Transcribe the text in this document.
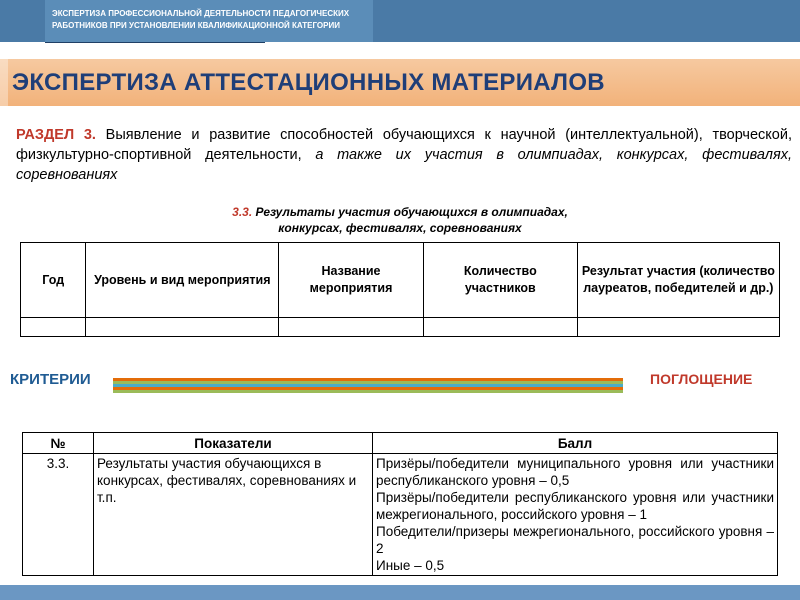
ЭКСПЕРТИЗА ПРОФЕССИОНАЛЬНОЙ ДЕЯТЕЛЬНОСТИ ПЕДАГОГИЧЕСКИХ
РАБОТНИКОВ ПРИ УСТАНОВЛЕНИИ КВАЛИФИКАЦИОННОЙ КАТЕГОРИИ
ЭКСПЕРТИЗА АТТЕСТАЦИОННЫХ МАТЕРИАЛОВ
РАЗДЕЛ 3. Выявление и развитие способностей обучающихся к научной (интеллектуальной), творческой, физкультурно-спортивной деятельности, а также их участия в олимпиадах, конкурсах, фестивалях, соревнованиях
3.3. Результаты участия обучающихся в олимпиадах,
конкурсах, фестивалях, соревнованиях
Год	Уровень и вид мероприятия	Название мероприятия	Количество участников	Результат участия (количество лауреатов, победителей и др.)

КРИТЕРИИ	ПОГЛОЩЕНИЕ
№	Показатели	Балл
3.3.	Результаты участия обучающихся в конкурсах, фестивалях, соревнованиях и т.п.	Призёры/победители муниципального уровня или участники республиканского уровня – 0,5
Призёры/победители республиканского уровня или участники межрегионального, российского уровня – 1
Победители/призеры межрегионального, российского уровня – 2
Иные – 0,5
